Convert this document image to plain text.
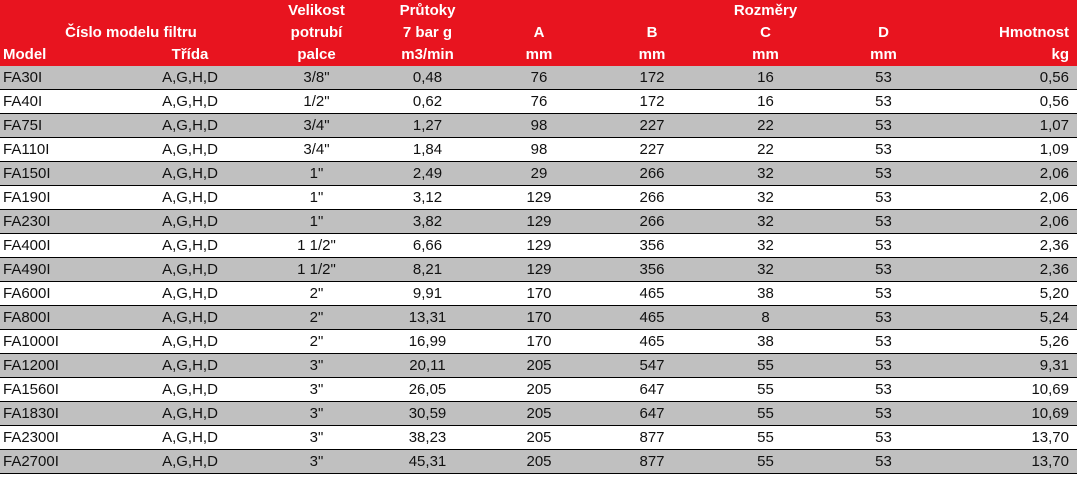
		Velikost	Průtoky			Rozměry		
Číslo modelu filtru		potrubí	7 bar g	A	B	C	D	Hmotnost
Model	Třída	palce	m3/min	mm	mm	mm	mm	kg
FA30I	A,G,H,D	3/8"	0,48	76	172	16	53	0,56
FA40I	A,G,H,D	1/2"	0,62	76	172	16	53	0,56
FA75I	A,G,H,D	3/4"	1,27	98	227	22	53	1,07
FA110I	A,G,H,D	3/4"	1,84	98	227	22	53	1,09
FA150I	A,G,H,D	1"	2,49	29	266	32	53	2,06
FA190I	A,G,H,D	1"	3,12	129	266	32	53	2,06
FA230I	A,G,H,D	1"	3,82	129	266	32	53	2,06
FA400I	A,G,H,D	1 1/2"	6,66	129	356	32	53	2,36
FA490I	A,G,H,D	1 1/2"	8,21	129	356	32	53	2,36
FA600I	A,G,H,D	2"	9,91	170	465	38	53	5,20
FA800I	A,G,H,D	2"	13,31	170	465	8	53	5,24
FA1000I	A,G,H,D	2"	16,99	170	465	38	53	5,26
FA1200I	A,G,H,D	3"	20,11	205	547	55	53	9,31
FA1560I	A,G,H,D	3"	26,05	205	647	55	53	10,69
FA1830I	A,G,H,D	3"	30,59	205	647	55	53	10,69
FA2300I	A,G,H,D	3"	38,23	205	877	55	53	13,70
FA2700I	A,G,H,D	3"	45,31	205	877	55	53	13,70
